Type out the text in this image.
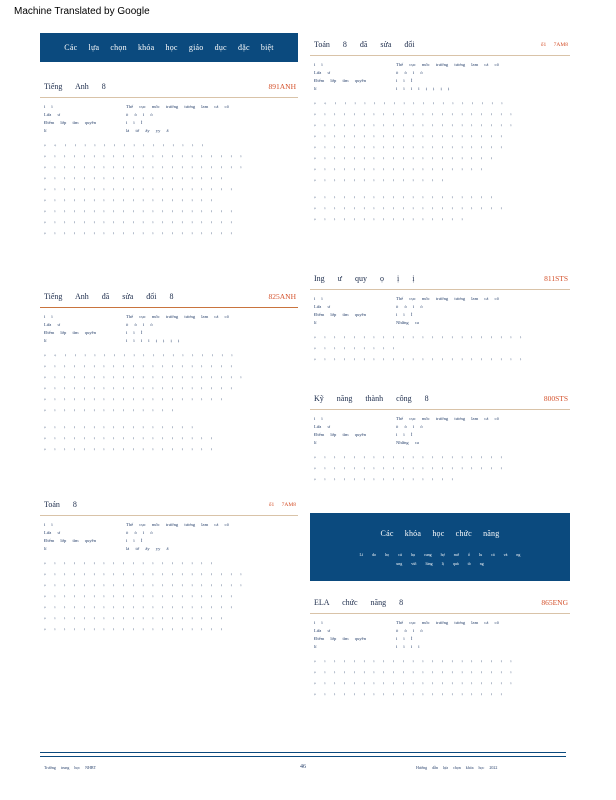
Machine Translated by Google
Các lựa chọn khóa học giáo dục đặc biệt
Tiếng Anh 8	891ANH
ì ì	Thể cục mốc trường tương lam cá cố
Lứa ư	ò ò ì ò
Điểm lớp tìm quyền	ì ì Ỉ
lí	lả tớ ấy ỵy ấ
ọ ọ ị ị ị ị ị ị ị ị ị ị ị ị ị ị ị
ọ ị ị ị ị ị ị ị ị ị ị ị ị ị ị ị ị ị ị ị ị
ọ ị ị ị ị ị ị ị ị ị ị ị ị ị ị ị ị ị ị ị ị
ọ ị ị ị ị ị ị ị ị ị ị ị ị ị ị ị ị ị ị
ọ ị ị ị ị ị ị ị ị ị ị ị ị ị ị ị ị ị ị ị
ọ ị ị ị ị ị ị ị ị ị ị ị ị ị ị ị ị ị
ọ ị ị ị ị ị ị ị ị ị ị ị ị ị ị ị ị ị ị ị
ọ ị ị ị ị ị ị ị ị ị ị ị ị ị ị ị ị ị ị ị
ọ ị ị ị ị ị ị ị ị ị ị ị ị ị ị ị ị ị ị ị
Tiếng Anh đã sửa đổi 8	825ANH
ì ì	Thể cục mốc trường tương lam cá cố
Lứa ư	ò ò ì ò
Điểm lớp tìm quyền	ì ì Ỉ
lí	ì ì ì ì ị ị ị ị
ọ ọ ị ị ị ị ị ị ị ị ị ị ị ị ị ị ị ị ị ị
ọ ị ị ị ị ị ị ị ị ị ị ị ị ị ị ị ị ị ị ị
ọ ị ị ị ị ị ị ị ị ị ị ị ị ị ị ị ị ị ị ị ị
ọ ị ị ị ị ị ị ị ị ị ị ị ị ị ị ị ị ị ị ị
ọ ị ị ị ị ị ị ị ị ị ị ị ị ị ị ị ị ị ị
ọ ị ị ị ị ị ị ị ị ị ị ị ị ị
ọ ị ị ị ị ị ị ị ị ị ị ị ị ị ị ị
ọ ị ị ị ị ị ị ị ị ị ị ị ị ị ị ị ị ị
ọ ị ị ị ị ị ị ị ị ị ị ị ị ị ị ị ị ị
Toán 8	ố1 7AM8
ì ì	Thể cục mốc trường tương lam cá cố
Lứa ư	ò ò ì ò
Điểm lớp tìm quyền	ì ì Ỉ
lí	lả tớ ấy ỵy ấ
ọ ị ị ị ị ị ị ị ị ị ị ị ị ị ị ị ị ị
ọ ị ị ị ị ị ị ị ị ị ị ị ị ị ị ị ị ị ị ị ị
ọ ị ị ị ị ị ị ị ị ị ị ị ị ị ị ị ị ị ị ị ị
ọ ị ị ị ị ị ị ị ị ị ị ị ị ị ị ị ị ị ị ị
ọ ị ị ị ị ị ị ị ị ị ị ị ị ị ị ị ị ị ị ị
ọ ị ị ị ị ị ị ị ị ị ị ị ị ị ị ị ị ị ị
ọ ị ị ị ị ị ị ị ị ị ị ị ị ị ị ị ị ị ị
Toán 8 đã sửa đổi	ố1 7AM8
ì ì	Thể cục mốc trường tương lam cá cố
Lứa ư	ò ò ì ò
Điểm lớp tìm quyền	ì ì Ỉ
lí	ì ì ì ì ị ị ị ị
ọ ọ ị ị ị ị ị ị ị ị ị ị ị ị ị ị ị ị ị ị
ọ ị ị ị ị ị ị ị ị ị ị ị ị ị ị ị ị ị ị ị ị
ọ ị ị ị ị ị ị ị ị ị ị ị ị ị ị ị ị ị ị ị ị
ọ ị ị ị ị ị ị ị ị ị ị ị ị ị ị ị ị ị ị ị
ọ ị ị ị ị ị ị ị ị ị ị ị ị ị ị ị ị ị ị ị
ọ ị ị ị ị ị ị ị ị ị ị ị ị ị ị ị ị ị ị
ọ ị ị ị ị ị ị ị ị ị ị ị ị ị ị ị ị ị
ọ ị ị ị ị ị ị ị ị ị ị ị ị ị
ọ ị ị ị ị ị ị ị ị ị ị ị ị ị ị ị ị ị ị
ọ ị ị ị ị ị ị ị ị ị ị ị ị ị ị ị ị ị ị ị
ọ ị ị ị ị ị ị ị ị ị ị ị ị ị ị ị
Ing ư quy ọ ị ị	811STS
ì ì	Thể cục mốc trường tương lam cá cố
Lứa ư	ò ò ì ò
Điểm lớp tìm quyền	ì ì Ỉ
lí	Những ca
ọ ị ị ị ị ị ị ị ị ị ị ị ị ị ị ị ị ị ị ị ị ị
ọ ị ị ị ị ị ị ị ị
ọ ị ị ị ị ị ị ị ị ị ị ị ị ị ị ị ị ị ị ị ị ị
Kỹ năng thành công 8	800STS
ì ì	Thể cục mốc trường tương lam cá cố
Lứa ư	ò ò ì ò
Điểm lớp tìm quyền	ì ì Ỉ
lí	Những ca
ọ ị ị ị ị ị ị ị ị ị ị ị ị ị ị ị ị ị ị ị
ọ ị ị ị ị ị ị ị ị ị ị ị ị ị ị ị ị ị ị ị
ọ ị ị ị ị ị ị ị ị ị ị ị ị ị ị
Các khóa học chức năng
Lí do họ cú hụ cung hợ mớ ổ lu cá và ng
ung vừi lúng lị quà tò ng
ELA chức năng 8	865ENG
ì ì	Thể cục mốc trường tương lam cá cố
Lứa ư	ò ò ì ò
Điểm lớp tìm quyền	ì ì Ỉ
lí	ì ì ì ì
ọ ị ị ị ị ị ị ị ị ị ị ị ị ị ị ị ị ị ị ị ị
ọ ị ị ị ị ị ị ị ị ị ị ị ị ị ị ị ị ị ị ị ị
ọ ị ị ị ị ị ị ị ị ị ị ị ị ị ị ị ị ị ị ị ị
ọ ị ị ị ị ị ị ị ị ị ị ị ị ị ị ị ị ị ị ị
Trường trung học NHBT	46	Hướng dẫn lựa chọn khóa học 2022
